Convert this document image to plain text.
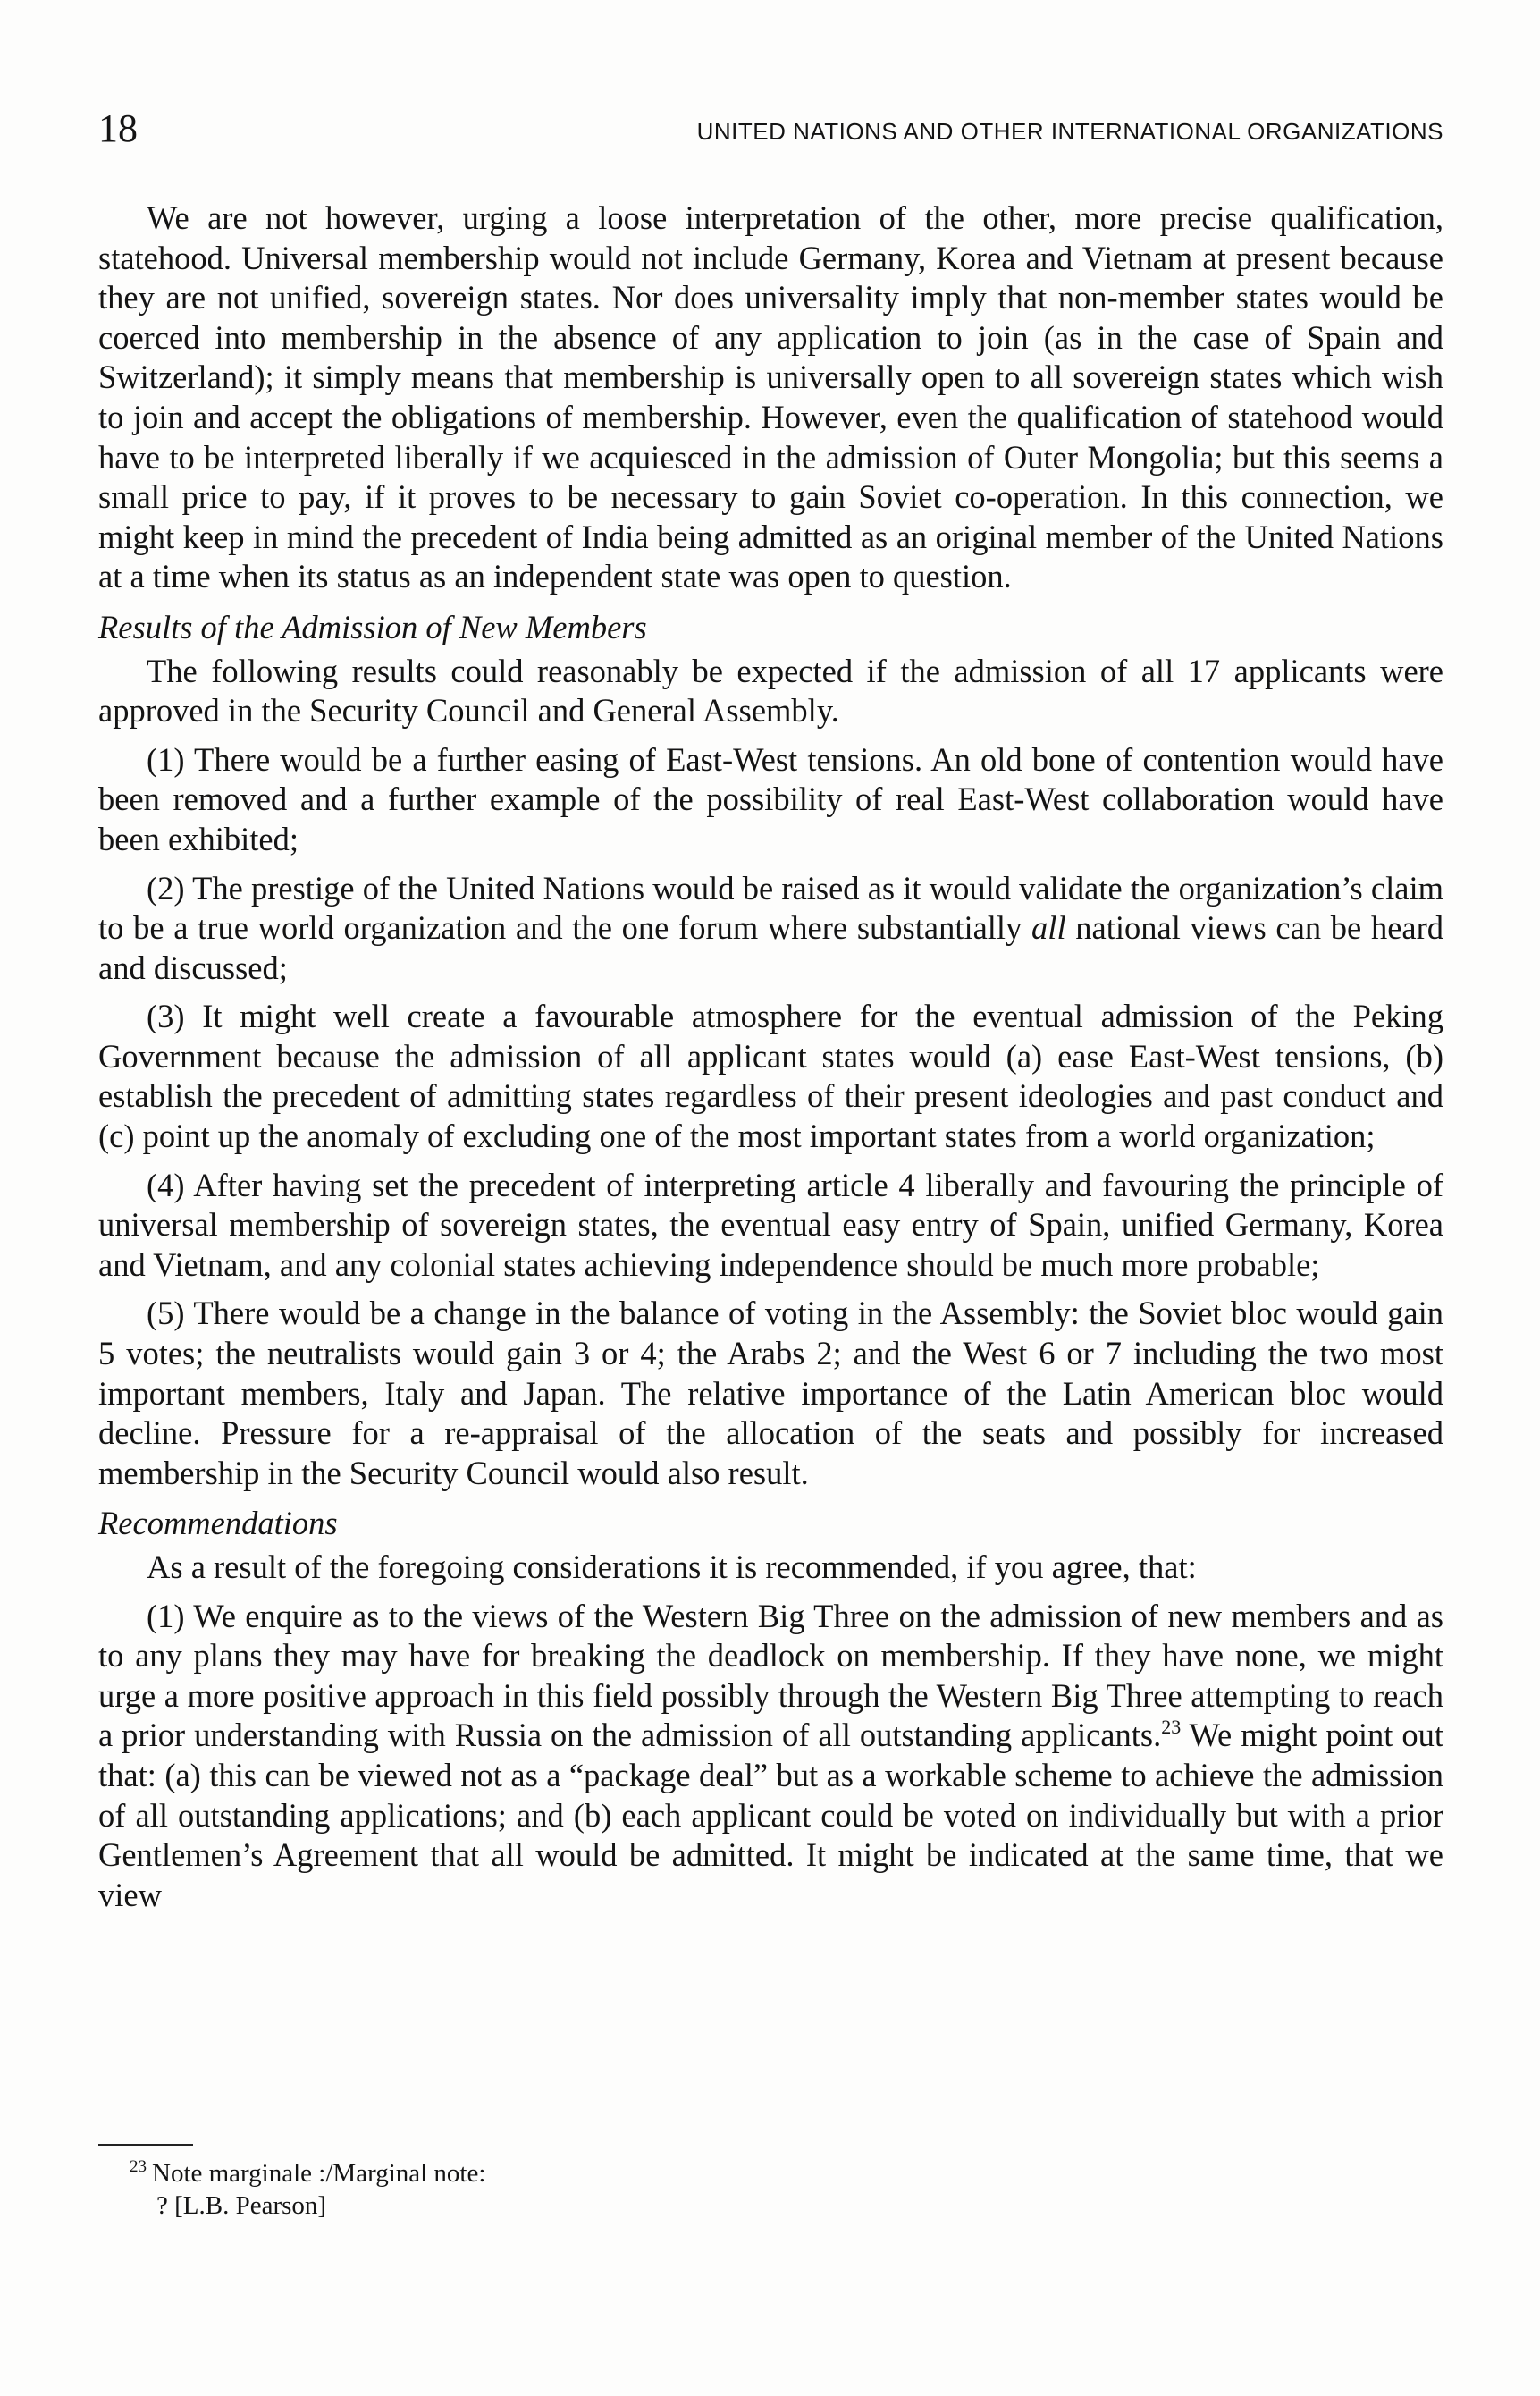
18	UNITED NATIONS AND OTHER INTERNATIONAL ORGANIZATIONS

We are not however, urging a loose interpretation of the other, more precise qualification, statehood. Universal membership would not include Germany, Korea and Vietnam at present because they are not unified, sovereign states. Nor does universality imply that non-member states would be coerced into membership in the absence of any application to join (as in the case of Spain and Switzerland); it simply means that membership is universally open to all sovereign states which wish to join and accept the obligations of membership. However, even the qualification of statehood would have to be interpreted liberally if we acquiesced in the admission of Outer Mongolia; but this seems a small price to pay, if it proves to be necessary to gain Soviet co-operation. In this connection, we might keep in mind the precedent of India being admitted as an original member of the United Nations at a time when its status as an independent state was open to question.

Results of the Admission of New Members

The following results could reasonably be expected if the admission of all 17 applicants were approved in the Security Council and General Assembly.

(1) There would be a further easing of East-West tensions. An old bone of contention would have been removed and a further example of the possibility of real East-West collaboration would have been exhibited;

(2) The prestige of the United Nations would be raised as it would validate the organization’s claim to be a true world organization and the one forum where substantially all national views can be heard and discussed;

(3) It might well create a favourable atmosphere for the eventual admission of the Peking Government because the admission of all applicant states would (a) ease East-West tensions, (b) establish the precedent of admitting states regardless of their present ideologies and past conduct and (c) point up the anomaly of excluding one of the most important states from a world organization;

(4) After having set the precedent of interpreting article 4 liberally and favouring the principle of universal membership of sovereign states, the eventual easy entry of Spain, unified Germany, Korea and Vietnam, and any colonial states achieving independence should be much more probable;

(5) There would be a change in the balance of voting in the Assembly: the Soviet bloc would gain 5 votes; the neutralists would gain 3 or 4; the Arabs 2; and the West 6 or 7 including the two most important members, Italy and Japan. The relative importance of the Latin American bloc would decline. Pressure for a re-appraisal of the allocation of the seats and possibly for increased membership in the Security Council would also result.

Recommendations

As a result of the foregoing considerations it is recommended, if you agree, that:

(1) We enquire as to the views of the Western Big Three on the admission of new members and as to any plans they may have for breaking the deadlock on membership. If they have none, we might urge a more positive approach in this field possibly through the Western Big Three attempting to reach a prior understanding with Russia on the admission of all outstanding applicants.$^{23}$ We might point out that: (a) this can be viewed not as a “package deal” but as a workable scheme to achieve the admission of all outstanding applications; and (b) each applicant could be voted on individually but with a prior Gentlemen’s Agreement that all would be admitted. It might be indicated at the same time, that we view

$^{23}$ Note marginale :/Marginal note:
? [L.B. Pearson]
